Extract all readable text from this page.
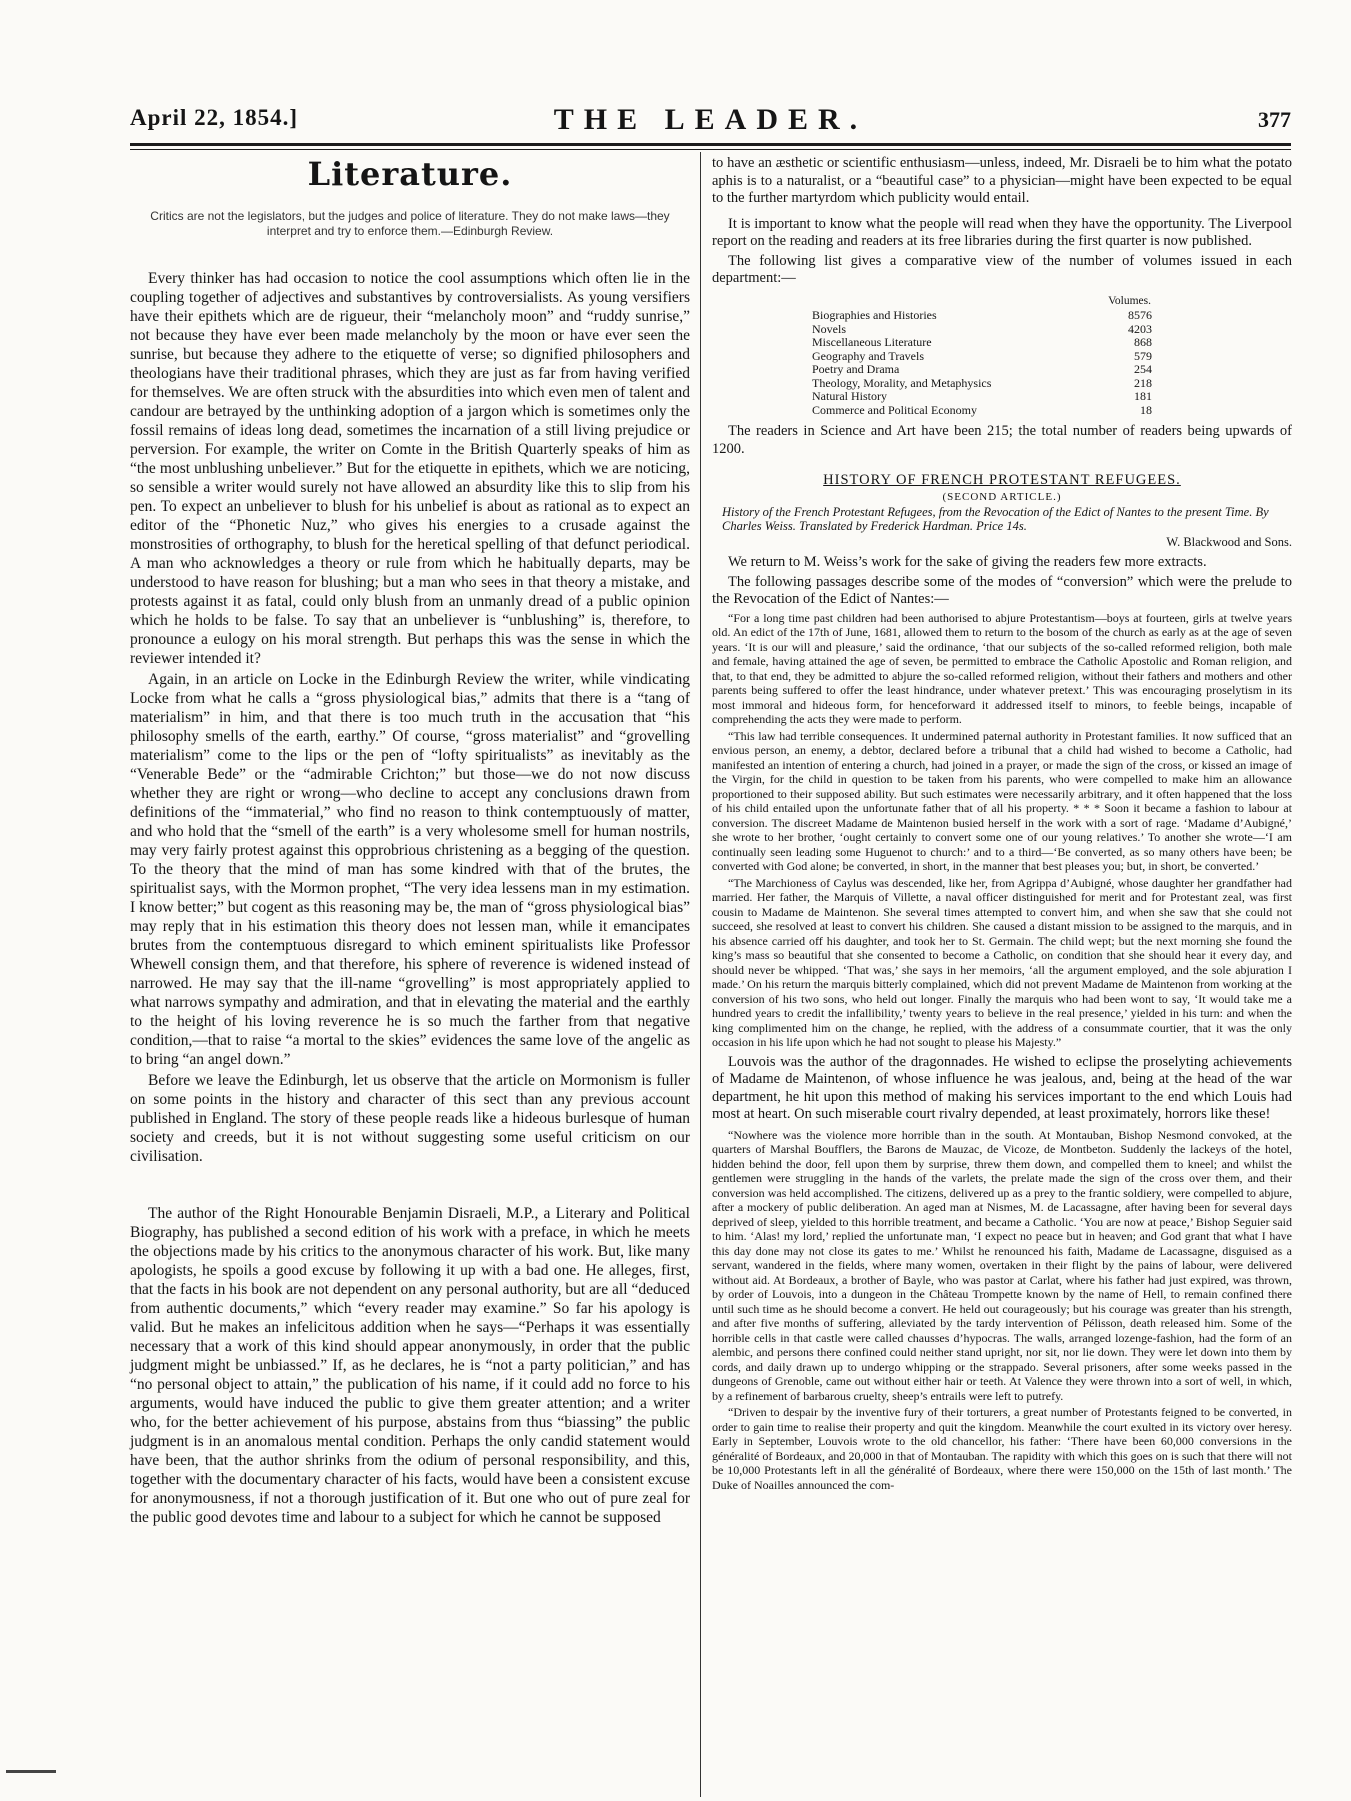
April 22, 1854.]	THE LEADER.	377
Literature.
Critics are not the legislators, but the judges and police of literature. They do not make laws—they interpret and try to enforce them.—Edinburgh Review.

Every thinker has had occasion to notice the cool assumptions which often lie in the coupling together of adjectives and substantives by controversialists. As young versifiers have their epithets which are de rigueur, their “melancholy moon” and “ruddy sunrise,” not because they have ever been made melancholy by the moon or have ever seen the sunrise, but because they adhere to the etiquette of verse; so dignified philosophers and theologians have their traditional phrases, which they are just as far from having verified for themselves. We are often struck with the absurdities into which even men of talent and candour are betrayed by the unthinking adoption of a jargon which is sometimes only the fossil remains of ideas long dead, sometimes the incarnation of a still living prejudice or perversion. For example, the writer on Comte in the British Quarterly speaks of him as “the most unblushing unbeliever.” But for the etiquette in epithets, which we are noticing, so sensible a writer would surely not have allowed an absurdity like this to slip from his pen. To expect an unbeliever to blush for his unbelief is about as rational as to expect an editor of the “Phonetic Nuz,” who gives his energies to a crusade against the monstrosities of orthography, to blush for the heretical spelling of that defunct periodical. A man who acknowledges a theory or rule from which he habitually departs, may be understood to have reason for blushing; but a man who sees in that theory a mistake, and protests against it as fatal, could only blush from an unmanly dread of a public opinion which he holds to be false. To say that an unbeliever is “unblushing” is, therefore, to pronounce a eulogy on his moral strength. But perhaps this was the sense in which the reviewer intended it?

Again, in an article on Locke in the Edinburgh Review the writer, while vindicating Locke from what he calls a “gross physiological bias,” admits that there is a “tang of materialism” in him, and that there is too much truth in the accusation that “his philosophy smells of the earth, earthy.” Of course, “gross materialist” and “grovelling materialism” come to the lips or the pen of “lofty spiritualists” as inevitably as the “Venerable Bede” or the “admirable Crichton;” but those—we do not now discuss whether they are right or wrong—who decline to accept any conclusions drawn from definitions of the “immaterial,” who find no reason to think contemptuously of matter, and who hold that the “smell of the earth” is a very wholesome smell for human nostrils, may very fairly protest against this opprobrious christening as a begging of the question. To the theory that the mind of man has some kindred with that of the brutes, the spiritualist says, with the Mormon prophet, “The very idea lessens man in my estimation. I know better;” but cogent as this reasoning may be, the man of “gross physiological bias” may reply that in his estimation this theory does not lessen man, while it emancipates brutes from the contemptuous disregard to which eminent spiritualists like Professor Whewell consign them, and that therefore, his sphere of reverence is widened instead of narrowed. He may say that the ill-name “grovelling” is most appropriately applied to what narrows sympathy and admiration, and that in elevating the material and the earthly to the height of his loving reverence he is so much the farther from that negative condition,—that to raise “a mortal to the skies” evidences the same love of the angelic as to bring “an angel down.”

Before we leave the Edinburgh, let us observe that the article on Mormonism is fuller on some points in the history and character of this sect than any previous account published in England. The story of these people reads like a hideous burlesque of human society and creeds, but it is not without suggesting some useful criticism on our civilisation.

The author of the Right Honourable Benjamin Disraeli, M.P., a Literary and Political Biography, has published a second edition of his work with a preface, in which he meets the objections made by his critics to the anonymous character of his work. But, like many apologists, he spoils a good excuse by following it up with a bad one. He alleges, first, that the facts in his book are not dependent on any personal authority, but are all “deduced from authentic documents,” which “every reader may examine.” So far his apology is valid. But he makes an infelicitous addition when he says—“Perhaps it was essentially necessary that a work of this kind should appear anonymously, in order that the public judgment might be unbiassed.” If, as he declares, he is “not a party politician,” and has “no personal object to attain,” the publication of his name, if it could add no force to his arguments, would have induced the public to give them greater attention; and a writer who, for the better achievement of his purpose, abstains from thus “biassing” the public judgment is in an anomalous mental condition. Perhaps the only candid statement would have been, that the author shrinks from the odium of personal responsibility, and this, together with the documentary character of his facts, would have been a consistent excuse for anonymousness, if not a thorough justification of it. But one who out of pure zeal for the public good devotes time and labour to a subject for which he cannot be supposed

to have an æsthetic or scientific enthusiasm—unless, indeed, Mr. Disraeli be to him what the potato aphis is to a naturalist, or a “beautiful case” to a physician—might have been expected to be equal to the further martyrdom which publicity would entail.

It is important to know what the people will read when they have the opportunity. The Liverpool report on the reading and readers at its free libraries during the first quarter is now published.

The following list gives a comparative view of the number of volumes issued in each department:—

	Volumes.
Biographies and Histories	8576
Novels	4203
Miscellaneous Literature	868
Geography and Travels	579
Poetry and Drama	254
Theology, Morality, and Metaphysics	218
Natural History	181
Commerce and Political Economy	18

The readers in Science and Art have been 215; the total number of readers being upwards of 1200.

HISTORY OF FRENCH PROTESTANT REFUGEES.
(SECOND ARTICLE.)
History of the French Protestant Refugees, from the Revocation of the Edict of Nantes to the present Time. By Charles Weiss. Translated by Frederick Hardman. Price 14s.
W. Blackwood and Sons.

We return to M. Weiss’s work for the sake of giving the readers few more extracts.

The following passages describe some of the modes of “conversion” which were the prelude to the Revocation of the Edict of Nantes:—

“For a long time past children had been authorised to abjure Protestantism—boys at fourteen, girls at twelve years old. An edict of the 17th of June, 1681, allowed them to return to the bosom of the church as early as at the age of seven years. ‘It is our will and pleasure,’ said the ordinance, ‘that our subjects of the so-called reformed religion, both male and female, having attained the age of seven, be permitted to embrace the Catholic Apostolic and Roman religion, and that, to that end, they be admitted to abjure the so-called reformed religion, without their fathers and mothers and other parents being suffered to offer the least hindrance, under whatever pretext.’ This was encouraging proselytism in its most immoral and hideous form, for henceforward it addressed itself to minors, to feeble beings, incapable of comprehending the acts they were made to perform.

“This law had terrible consequences. It undermined paternal authority in Protestant families. It now sufficed that an envious person, an enemy, a debtor, declared before a tribunal that a child had wished to become a Catholic, had manifested an intention of entering a church, had joined in a prayer, or made the sign of the cross, or kissed an image of the Virgin, for the child in question to be taken from his parents, who were compelled to make him an allowance proportioned to their supposed ability. But such estimates were necessarily arbitrary, and it often happened that the loss of his child entailed upon the unfortunate father that of all his property. * * * Soon it became a fashion to labour at conversion. The discreet Madame de Maintenon busied herself in the work with a sort of rage. ‘Madame d’Aubigné,’ she wrote to her brother, ‘ought certainly to convert some one of our young relatives.’ To another she wrote—‘I am continually seen leading some Huguenot to church:’ and to a third—‘Be converted, as so many others have been; be converted with God alone; be converted, in short, in the manner that best pleases you; but, in short, be converted.’

“The Marchioness of Caylus was descended, like her, from Agrippa d’Aubigné, whose daughter her grandfather had married. Her father, the Marquis of Villette, a naval officer distinguished for merit and for Protestant zeal, was first cousin to Madame de Maintenon. She several times attempted to convert him, and when she saw that she could not succeed, she resolved at least to convert his children. She caused a distant mission to be assigned to the marquis, and in his absence carried off his daughter, and took her to St. Germain. The child wept; but the next morning she found the king’s mass so beautiful that she consented to become a Catholic, on condition that she should hear it every day, and should never be whipped. ‘That was,’ she says in her memoirs, ‘all the argument employed, and the sole abjuration I made.’ On his return the marquis bitterly complained, which did not prevent Madame de Maintenon from working at the conversion of his two sons, who held out longer. Finally the marquis who had been wont to say, ‘It would take me a hundred years to credit the infallibility,’ twenty years to believe in the real presence,’ yielded in his turn: and when the king complimented him on the change, he replied, with the address of a consummate courtier, that it was the only occasion in his life upon which he had not sought to please his Majesty.”

Louvois was the author of the dragonnades. He wished to eclipse the proselyting achievements of Madame de Maintenon, of whose influence he was jealous, and, being at the head of the war department, he hit upon this method of making his services important to the end which Louis had most at heart. On such miserable court rivalry depended, at least proximately, horrors like these!

“Nowhere was the violence more horrible than in the south. At Montauban, Bishop Nesmond convoked, at the quarters of Marshal Boufflers, the Barons de Mauzac, de Vicoze, de Montbeton. Suddenly the lackeys of the hotel, hidden behind the door, fell upon them by surprise, threw them down, and compelled them to kneel; and whilst the gentlemen were struggling in the hands of the varlets, the prelate made the sign of the cross over them, and their conversion was held accomplished. The citizens, delivered up as a prey to the frantic soldiery, were compelled to abjure, after a mockery of public deliberation. An aged man at Nismes, M. de Lacassagne, after having been for several days deprived of sleep, yielded to this horrible treatment, and became a Catholic. ‘You are now at peace,’ Bishop Seguier said to him. ‘Alas! my lord,’ replied the unfortunate man, ‘I expect no peace but in heaven; and God grant that what I have this day done may not close its gates to me.’ Whilst he renounced his faith, Madame de Lacassagne, disguised as a servant, wandered in the fields, where many women, overtaken in their flight by the pains of labour, were delivered without aid. At Bordeaux, a brother of Bayle, who was pastor at Carlat, where his father had just expired, was thrown, by order of Louvois, into a dungeon in the Château Trompette known by the name of Hell, to remain confined there until such time as he should become a convert. He held out courageously; but his courage was greater than his strength, and after five months of suffering, alleviated by the tardy intervention of Pélisson, death released him. Some of the horrible cells in that castle were called chausses d’hypocras. The walls, arranged lozenge-fashion, had the form of an alembic, and persons there confined could neither stand upright, nor sit, nor lie down. They were let down into them by cords, and daily drawn up to undergo whipping or the strappado. Several prisoners, after some weeks passed in the dungeons of Grenoble, came out without either hair or teeth. At Valence they were thrown into a sort of well, in which, by a refinement of barbarous cruelty, sheep’s entrails were left to putrefy.

“Driven to despair by the inventive fury of their torturers, a great number of Protestants feigned to be converted, in order to gain time to realise their property and quit the kingdom. Meanwhile the court exulted in its victory over heresy. Early in September, Louvois wrote to the old chancellor, his father: ‘There have been 60,000 conversions in the généralité of Bordeaux, and 20,000 in that of Montauban. The rapidity with which this goes on is such that there will not be 10,000 Protestants left in all the généralité of Bordeaux, where there were 150,000 on the 15th of last month.’ The Duke of Noailles announced the com-
